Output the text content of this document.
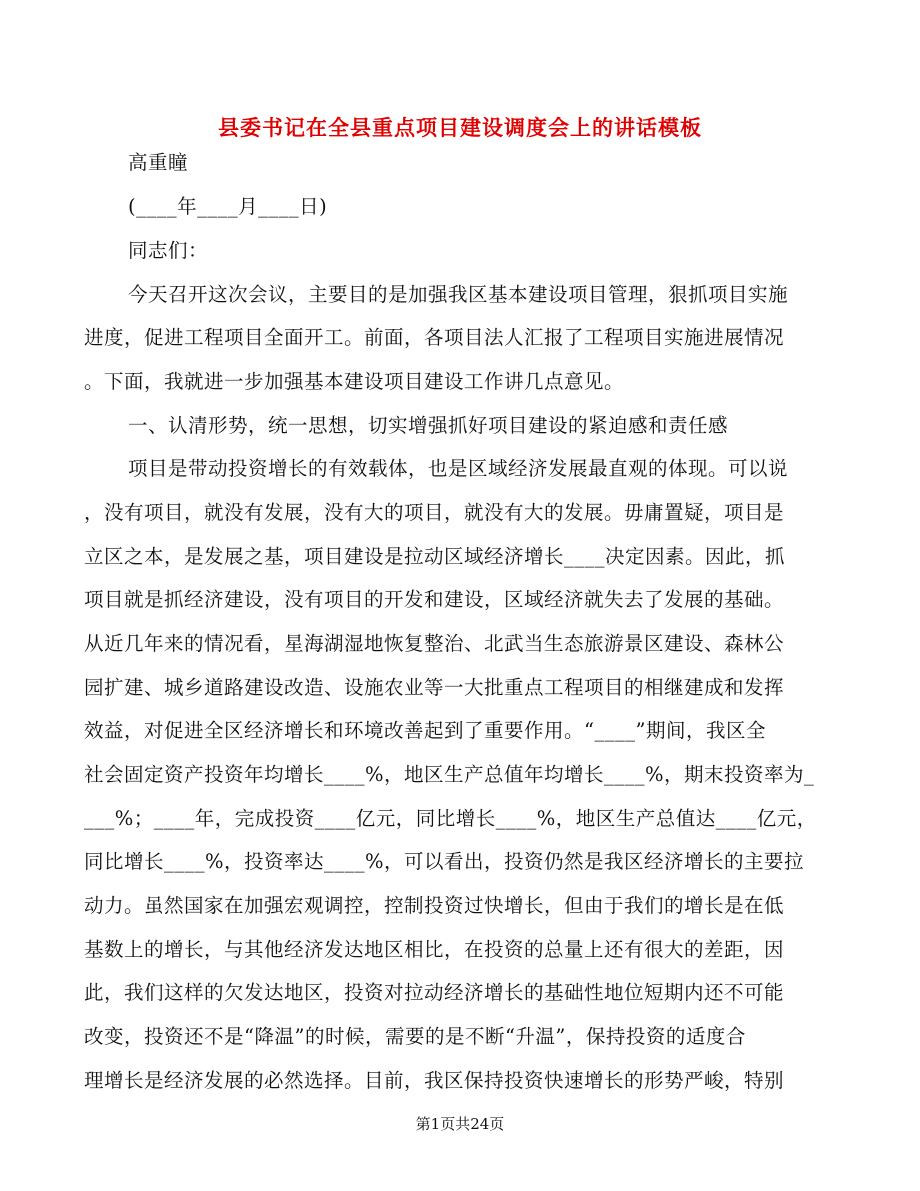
县委书记在全县重点项目建设调度会上的讲话模板
高重瞳
(____年____月____日)
同志们：
今天召开这次会议，主要目的是加强我区基本建设项目管理，狠抓项目实施
进度，促进工程项目全面开工。前面，各项目法人汇报了工程项目实施进展情况
。下面，我就进一步加强基本建设项目建设工作讲几点意见。
一、认清形势，统一思想，切实增强抓好项目建设的紧迫感和责任感
项目是带动投资增长的有效载体，也是区域经济发展最直观的体现。可以说
，没有项目，就没有发展，没有大的项目，就没有大的发展。毋庸置疑，项目是
立区之本，是发展之基，项目建设是拉动区域经济增长____决定因素。因此，抓
项目就是抓经济建设，没有项目的开发和建设，区域经济就失去了发展的基础。
从近几年来的情况看，星海湖湿地恢复整治、北武当生态旅游景区建设、森林公
园扩建、城乡道路建设改造、设施农业等一大批重点工程项目的相继建成和发挥
效益，对促进全区经济增长和环境改善起到了重要作用。“____”期间，我区全
社会固定资产投资年均增长____%，地区生产总值年均增长____%，期末投资率为_
___%；____年，完成投资____亿元，同比增长____%，地区生产总值达____亿元，
同比增长____%，投资率达____%，可以看出，投资仍然是我区经济增长的主要拉
动力。虽然国家在加强宏观调控，控制投资过快增长，但由于我们的增长是在低
基数上的增长，与其他经济发达地区相比，在投资的总量上还有很大的差距，因
此，我们这样的欠发达地区，投资对拉动经济增长的基础性地位短期内还不可能
改变，投资还不是“降温”的时候，需要的是不断“升温”，保持投资的适度合
理增长是经济发展的必然选择。目前，我区保持投资快速增长的形势严峻，特别
第1页共24页
